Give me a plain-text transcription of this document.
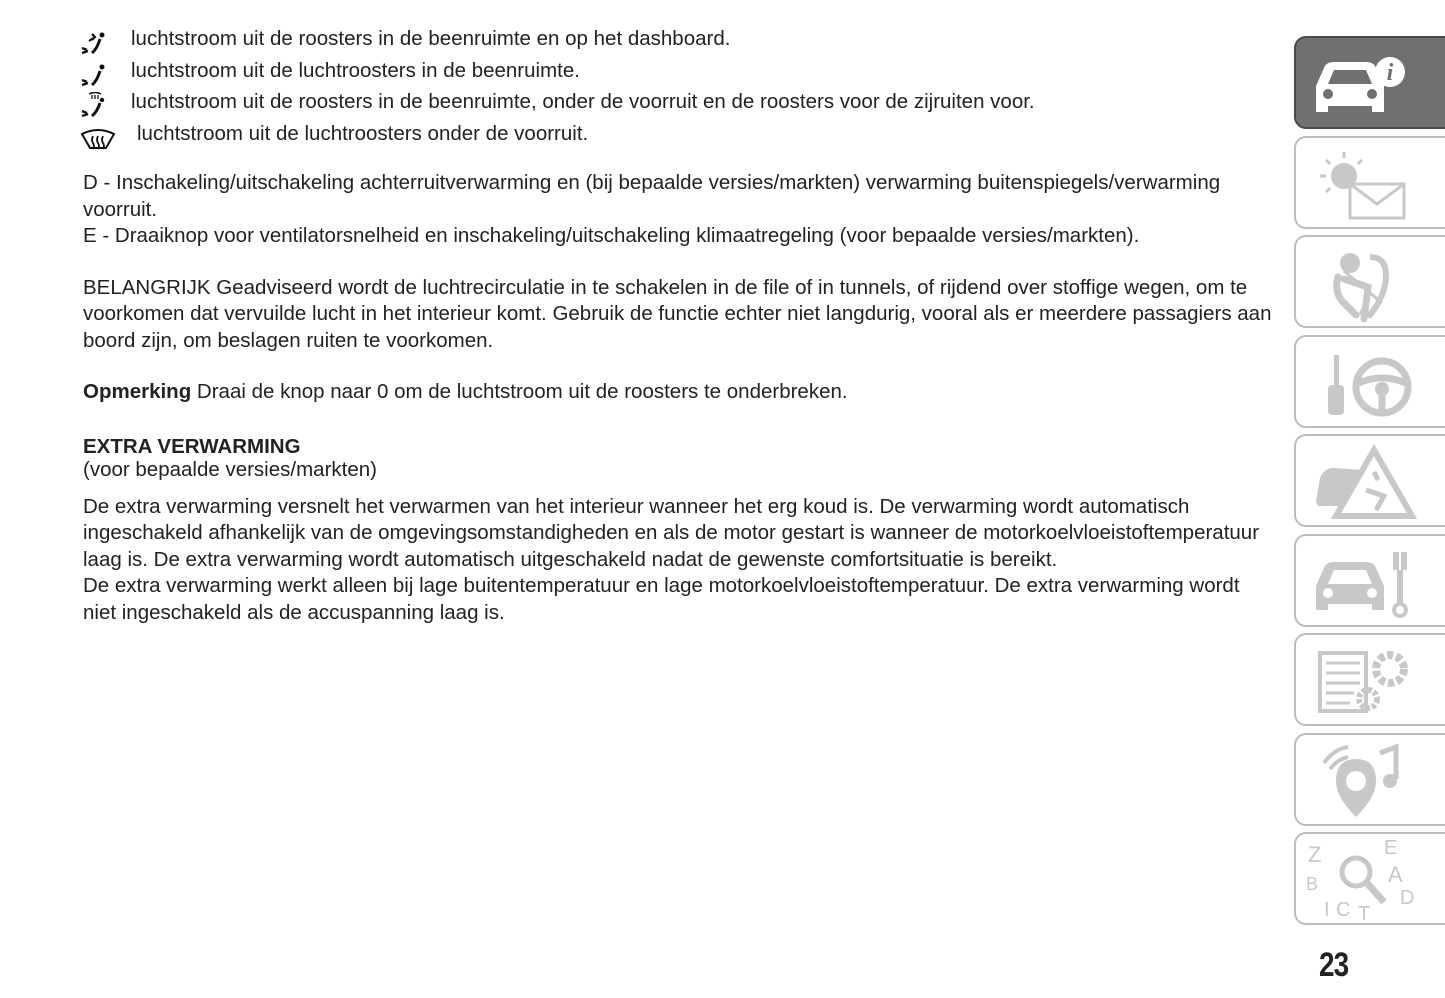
luchtstroom uit de roosters in de beenruimte en op het dashboard.
luchtstroom uit de luchtroosters in de beenruimte.
luchtstroom uit de roosters in de beenruimte, onder de voorruit en de roosters voor de zijruiten voor.
luchtstroom uit de luchtroosters onder de voorruit.

D - Inschakeling/uitschakeling achterruitverwarming en (bij bepaalde versies/markten) verwarming buitenspiegels/verwarming voorruit.

E - Draaiknop voor ventilatorsnelheid en inschakeling/uitschakeling klimaatregeling (voor bepaalde versies/markten).

BELANGRIJK Geadviseerd wordt de luchtrecirculatie in te schakelen in de file of in tunnels, of rijdend over stoffige wegen, om te voorkomen dat vervuilde lucht in het interieur komt. Gebruik de functie echter niet langdurig, vooral als er meerdere passagiers aan boord zijn, om beslagen ruiten te voorkomen.

Opmerking Draai de knop naar 0 om de luchtstroom uit de roosters te onderbreken.

EXTRA VERWARMING

(voor bepaalde versies/markten)

De extra verwarming versnelt het verwarmen van het interieur wanneer het erg koud is. De verwarming wordt automatisch ingeschakeld afhankelijk van de omgevingsomstandigheden en als de motor gestart is wanneer de motorkoelvloeistoftemperatuur laag is. De extra verwarming wordt automatisch uitgeschakeld nadat de gewenste comfortsituatie is bereikt.

De extra verwarming werkt alleen bij lage buitentemperatuur en lage motorkoelvloeistoftemperatuur. De extra verwarming wordt niet ingeschakeld als de accuspanning laag is.

i
Z	E
A
B
I C T
D
23
